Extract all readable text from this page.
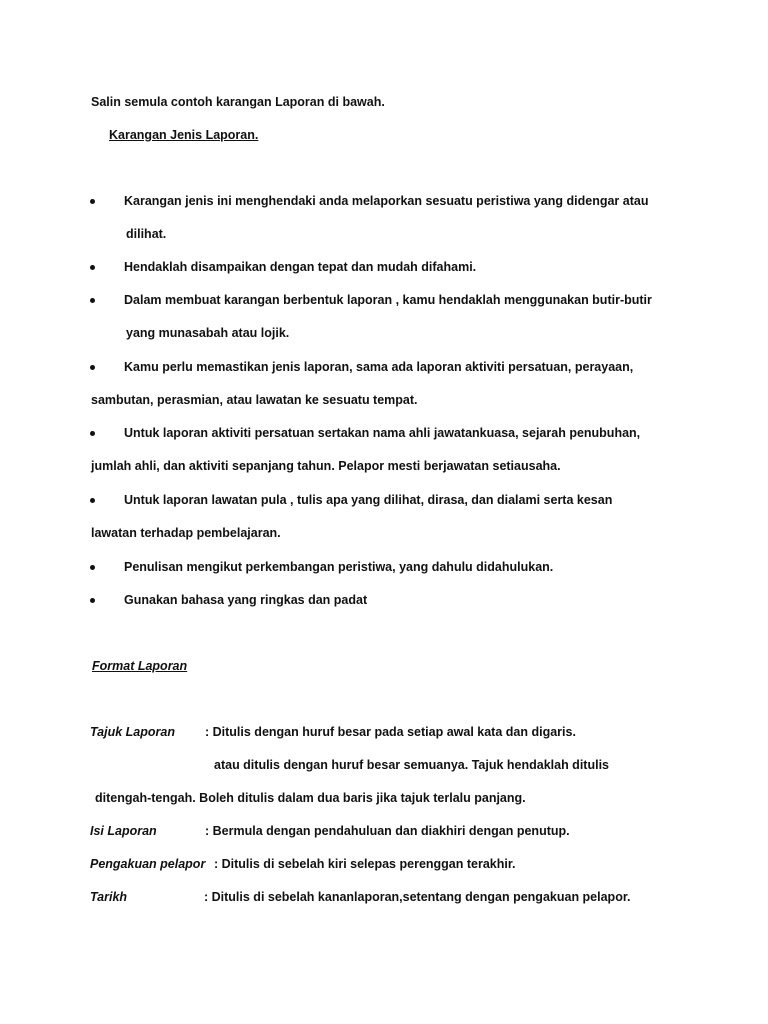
Salin semula contoh karangan Laporan di bawah.
Karangan Jenis Laporan.
Karangan jenis ini menghendaki anda melaporkan sesuatu peristiwa yang didengar atau
dilihat.
Hendaklah disampaikan dengan tepat dan mudah difahami.
Dalam membuat karangan berbentuk laporan , kamu hendaklah menggunakan butir-butir
yang munasabah atau lojik.
Kamu perlu memastikan jenis laporan, sama ada laporan aktiviti persatuan, perayaan,
sambutan, perasmian, atau lawatan ke sesuatu tempat.
Untuk laporan aktiviti persatuan sertakan nama ahli jawatankuasa, sejarah penubuhan,
jumlah ahli, dan aktiviti sepanjang tahun. Pelapor mesti berjawatan setiausaha.
Untuk laporan lawatan pula , tulis apa yang dilihat, dirasa, dan dialami serta kesan
lawatan terhadap pembelajaran.
Penulisan mengikut perkembangan peristiwa, yang dahulu didahulukan.
Gunakan bahasa yang ringkas dan padat
Format Laporan
Tajuk Laporan : Ditulis dengan huruf besar pada setiap awal kata dan digaris.
atau ditulis dengan huruf besar semuanya. Tajuk hendaklah ditulis
ditengah-tengah. Boleh ditulis dalam dua baris jika tajuk terlalu panjang.
Isi Laporan	: Bermula dengan pendahuluan dan diakhiri dengan penutup.
Pengakuan pelapor : Ditulis di sebelah kiri selepas perenggan terakhir.
Tarikh	: Ditulis di sebelah kananlaporan,setentang dengan pengakuan pelapor.
